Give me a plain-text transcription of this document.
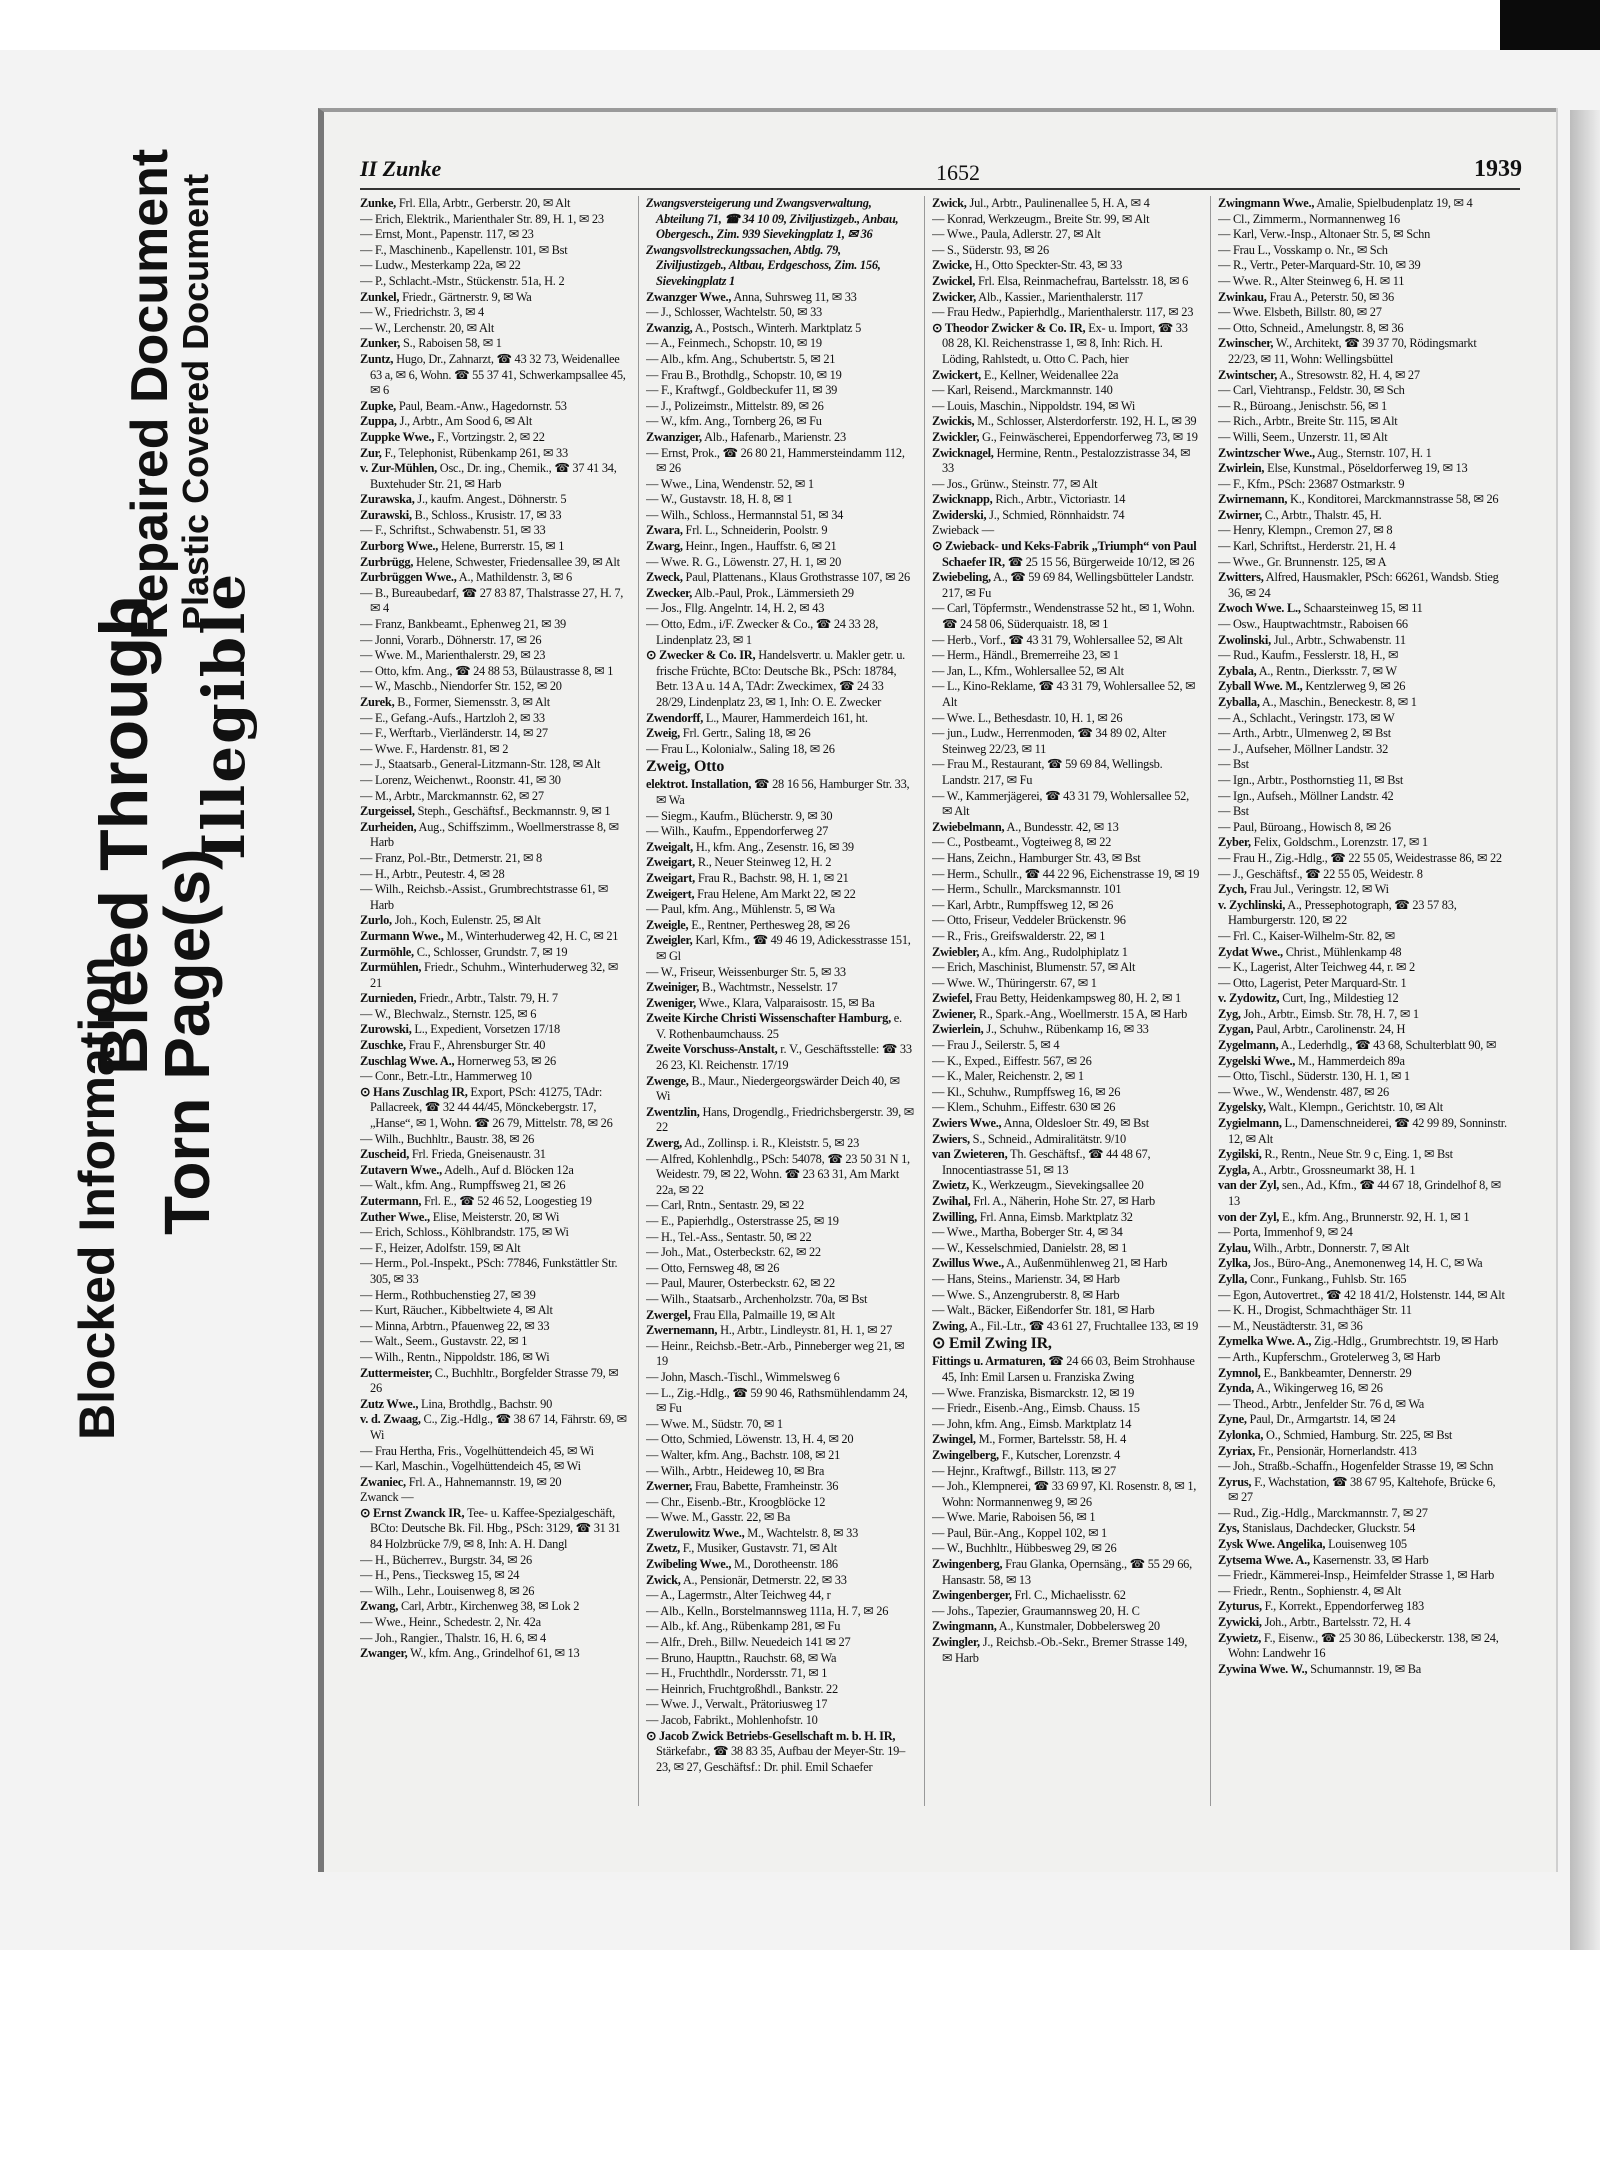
Blocked Information
Bleed Through
Repaired Document
Torn Page(s)
Illegible
Plastic Covered Document
II Zunke	1652	1939

Zunke, Frl. Ella, Arbtr., Gerberstr. 20, ✉ Alt

— Erich, Elektrik., Marienthaler Str. 89, H. 1, ✉ 23

— Ernst, Mont., Papenstr. 117, ✉ 23

— F., Maschinenb., Kapellenstr. 101, ✉ Bst

— Ludw., Mesterkamp 22a, ✉ 22

— P., Schlacht.-Mstr., Stückenstr. 51a, H. 2

Zunkel, Friedr., Gärtnerstr. 9, ✉ Wa

— W., Friedrichstr. 3, ✉ 4

— W., Lerchenstr. 20, ✉ Alt

Zunker, S., Raboisen 58, ✉ 1

Zuntz, Hugo, Dr., Zahnarzt, ☎ 43 32 73, Weidenallee 63 a, ✉ 6, Wohn. ☎ 55 37 41, Schwerkampsallee 45, ✉ 6

Zupke, Paul, Beam.-Anw., Hagedornstr. 53

Zuppa, J., Arbtr., Am Sood 6, ✉ Alt

Zuppke Wwe., F., Vortzingstr. 2, ✉ 22

Zur, F., Telephonist, Rübenkamp 261, ✉ 33

v. Zur-Mühlen, Osc., Dr. ing., Chemik., ☎ 37 41 34, Buxtehuder Str. 21, ✉ Harb

Zurawska, J., kaufm. Angest., Döhnerstr. 5

Zurawski, B., Schloss., Krusistr. 17, ✉ 33

— F., Schriftst., Schwabenstr. 51, ✉ 33

Zurborg Wwe., Helene, Burrerstr. 15, ✉ 1

Zurbrügg, Helene, Schwester, Friedensallee 39, ✉ Alt

Zurbrüggen Wwe., A., Mathildenstr. 3, ✉ 6

— B., Bureaubedarf, ☎ 27 83 87, Thalstrasse 27, H. 7, ✉ 4

— Franz, Bankbeamt., Ephenweg 21, ✉ 39

— Jonni, Vorarb., Döhnerstr. 17, ✉ 26

— Wwe. M., Marienthalerstr. 29, ✉ 23

— Otto, kfm. Ang., ☎ 24 88 53, Bülaustrasse 8, ✉ 1

— W., Maschb., Niendorfer Str. 152, ✉ 20

Zurek, B., Former, Siemensstr. 3, ✉ Alt

— E., Gefang.-Aufs., Hartzloh 2, ✉ 33

— F., Werftarb., Vierländerstr. 14, ✉ 27

— Wwe. F., Hardenstr. 81, ✉ 2

— J., Staatsarb., General-Litzmann-Str. 128, ✉ Alt

— Lorenz, Weichenwt., Roonstr. 41, ✉ 30

— M., Arbtr., Marckmannstr. 62, ✉ 27

Zurgeissel, Steph., Geschäftsf., Beckmannstr. 9, ✉ 1

Zurheiden, Aug., Schiffszimm., Woellmerstrasse 8, ✉ Harb

— Franz, Pol.-Btr., Detmerstr. 21, ✉ 8

— H., Arbtr., Peutestr. 4, ✉ 28

— Wilh., Reichsb.-Assist., Grumbrechtstrasse 61, ✉ Harb

Zurlo, Joh., Koch, Eulenstr. 25, ✉ Alt

Zurmann Wwe., M., Winterhuderweg 42, H. C, ✉ 21

Zurmöhle, C., Schlosser, Grundstr. 7, ✉ 19

Zurmühlen, Friedr., Schuhm., Winterhuderweg 32, ✉ 21

Zurnieden, Friedr., Arbtr., Talstr. 79, H. 7

— W., Blechwalz., Sternstr. 125, ✉ 6

Zurowski, L., Expedient, Vorsetzen 17/18

Zuschke, Frau F., Ahrensburger Str. 40

Zuschlag Wwe. A., Hornerweg 53, ✉ 26

— Conr., Betr.-Ltr., Hammerweg 10

⊙ Hans Zuschlag IR, Export, PSch: 41275, TAdr: Pallacreek, ☎ 32 44 44/45, Mönckebergstr. 17, „Hanse“, ✉ 1, Wohn. ☎ 26 79, Mittelstr. 78, ✉ 26

— Wilh., Buchhltr., Baustr. 38, ✉ 26

Zuscheid, Frl. Frieda, Gneisenaustr. 31

Zutavern Wwe., Adelh., Auf d. Blöcken 12a

— Walt., kfm. Ang., Rumpffsweg 21, ✉ 26

Zutermann, Frl. E., ☎ 52 46 52, Loogestieg 19

Zuther Wwe., Elise, Meisterstr. 20, ✉ Wi

— Erich, Schloss., Köhlbrandstr. 175, ✉ Wi

— F., Heizer, Adolfstr. 159, ✉ Alt

— Herm., Pol.-Inspekt., PSch: 77846, Funkstättler Str. 305, ✉ 33

— Herm., Rothbuchenstieg 27, ✉ 39

— Kurt, Räucher., Kibbeltwiete 4, ✉ Alt

— Minna, Arbtrn., Pfauenweg 22, ✉ 33

— Walt., Seem., Gustavstr. 22, ✉ 1

— Wilh., Rentn., Nippoldstr. 186, ✉ Wi

Zuttermeister, C., Buchhltr., Borgfelder Strasse 79, ✉ 26

Zutz Wwe., Lina, Brothdlg., Bachstr. 90

v. d. Zwaag, C., Zig.-Hdlg., ☎ 38 67 14, Fährstr. 69, ✉ Wi

— Frau Hertha, Fris., Vogelhüttendeich 45, ✉ Wi

— Karl, Maschin., Vogelhüttendeich 45, ✉ Wi

Zwaniec, Frl. A., Hahnemannstr. 19, ✉ 20

Zwanck —

⊙ Ernst Zwanck IR, Tee- u. Kaffee-Spezialgeschäft, BCto: Deutsche Bk. Fil. Hbg., PSch: 3129, ☎ 31 31 84 Holzbrücke 7/9, ✉ 8, Inh: A. H. Dangl

— H., Bücherrev., Burgstr. 34, ✉ 26

— H., Pens., Tiecksweg 15, ✉ 24

— Wilh., Lehr., Louisenweg 8, ✉ 26

Zwang, Carl, Arbtr., Kirchenweg 38, ✉ Lok 2

— Wwe., Heinr., Schedestr. 2, Nr. 42a

— Joh., Rangier., Thalstr. 16, H. 6, ✉ 4

Zwanger, W., kfm. Ang., Grindelhof 61, ✉ 13

Zwangsversteigerung und Zwangsverwaltung, Abteilung 71, ☎ 34 10 09, Ziviljustizgeb., Anbau, Obergesch., Zim. 939 Sievekingplatz 1, ✉ 36

Zwangsvollstreckungssachen, Abtlg. 79, Ziviljustizgeb., Altbau, Erdgeschoss, Zim. 156, Sievekingplatz 1

Zwanzger Wwe., Anna, Suhrsweg 11, ✉ 33

— J., Schlosser, Wachtelstr. 50, ✉ 33

Zwanzig, A., Postsch., Winterh. Marktplatz 5

— A., Feinmech., Schopstr. 10, ✉ 19

— Alb., kfm. Ang., Schubertstr. 5, ✉ 21

— Frau B., Brothdlg., Schopstr. 10, ✉ 19

— F., Kraftwgf., Goldbeckufer 11, ✉ 39

— J., Polizeimstr., Mittelstr. 89, ✉ 26

— W., kfm. Ang., Tornberg 26, ✉ Fu

Zwanziger, Alb., Hafenarb., Marienstr. 23

— Ernst, Prok., ☎ 26 80 21, Hammersteindamm 112, ✉ 26

— Wwe., Lina, Wendenstr. 52, ✉ 1

— W., Gustavstr. 18, H. 8, ✉ 1

— Wilh., Schloss., Hermannstal 51, ✉ 34

Zwara, Frl. L., Schneiderin, Poolstr. 9

Zwarg, Heinr., Ingen., Hauffstr. 6, ✉ 21

— Wwe. R. G., Löwenstr. 27, H. 1, ✉ 20

Zweck, Paul, Plattenans., Klaus Grothstrasse 107, ✉ 26

Zwecker, Alb.-Paul, Prok., Lämmersieth 29

— Jos., Fllg. Angelntr. 14, H. 2, ✉ 43

— Otto, Edm., i/F. Zwecker & Co., ☎ 24 33 28, Lindenplatz 23, ✉ 1

⊙ Zwecker & Co. IR, Handelsvertr. u. Makler getr. u. frische Früchte, BCto: Deutsche Bk., PSch: 18784, Betr. 13 A u. 14 A, TAdr: Zweckimex, ☎ 24 33 28/29, Lindenplatz 23, ✉ 1, Inh: O. E. Zwecker

Zwendorff, L., Maurer, Hammerdeich 161, ht.

Zweig, Frl. Gertr., Saling 18, ✉ 26

— Frau L., Kolonialw., Saling 18, ✉ 26

Zweig, Otto

elektrot. Installation, ☎ 28 16 56, Hamburger Str. 33, ✉ Wa

— Siegm., Kaufm., Blücherstr. 9, ✉ 30

— Wilh., Kaufm., Eppendorferweg 27

Zweigalt, H., kfm. Ang., Zesenstr. 16, ✉ 39

Zweigart, R., Neuer Steinweg 12, H. 2

Zweigart, Frau R., Bachstr. 98, H. 1, ✉ 21

Zweigert, Frau Helene, Am Markt 22, ✉ 22

— Paul, kfm. Ang., Mühlenstr. 5, ✉ Wa

Zweigle, E., Rentner, Perthesweg 28, ✉ 26

Zweigler, Karl, Kfm., ☎ 49 46 19, Adickesstrasse 151, ✉ Gl

— W., Friseur, Weissenburger Str. 5, ✉ 33

Zweiniger, B., Wachtmstr., Nesselstr. 17

Zweniger, Wwe., Klara, Valparaisostr. 15, ✉ Ba

Zweite Kirche Christi Wissenschafter Hamburg, e. V. Rothenbaumchauss. 25

Zweite Vorschuss-Anstalt, r. V., Geschäftsstelle: ☎ 33 26 23, Kl. Reichenstr. 17/19

Zwenge, B., Maur., Niedergeorgswärder Deich 40, ✉ Wi

Zwentzlin, Hans, Drogendlg., Friedrichsbergerstr. 39, ✉ 22

Zwerg, Ad., Zollinsp. i. R., Kleiststr. 5, ✉ 23

— Alfred, Kohlenhdlg., PSch: 54078, ☎ 23 50 31 N 1, Weidestr. 79, ✉ 22, Wohn. ☎ 23 63 31, Am Markt 22a, ✉ 22

— Carl, Rntn., Sentastr. 29, ✉ 22

— E., Papierhdlg., Osterstrasse 25, ✉ 19

— H., Tel.-Ass., Sentastr. 50, ✉ 22

— Joh., Mat., Osterbeckstr. 62, ✉ 22

— Otto, Fernsweg 48, ✉ 26

— Paul, Maurer, Osterbeckstr. 62, ✉ 22

— Wilh., Staatsarb., Archenholzstr. 70a, ✉ Bst

Zwergel, Frau Ella, Palmaille 19, ✉ Alt

Zwernemann, H., Arbtr., Lindleystr. 81, H. 1, ✉ 27

— Heinr., Reichsb.-Betr.-Arb., Pinneberger weg 21, ✉ 19

— John, Masch.-Tischl., Wimmelsweg 6

— L., Zig.-Hdlg., ☎ 59 90 46, Rathsmühlendamm 24, ✉ Fu

— Wwe. M., Südstr. 70, ✉ 1

— Otto, Schmied, Löwenstr. 13, H. 4, ✉ 20

— Walter, kfm. Ang., Bachstr. 108, ✉ 21

— Wilh., Arbtr., Heideweg 10, ✉ Bra

Zwerner, Frau, Babette, Framheinstr. 36

— Chr., Eisenb.-Btr., Kroogblöcke 12

— Wwe. M., Gasstr. 22, ✉ Ba

Zwerulowitz Wwe., M., Wachtelstr. 8, ✉ 33

Zwetz, F., Musiker, Gustavstr. 71, ✉ Alt

Zwibeling Wwe., M., Dorotheenstr. 186

Zwick, A., Pensionär, Detmerstr. 22, ✉ 33

— A., Lagermstr., Alter Teichweg 44, r

— Alb., Kelln., Borstelmannsweg 111a, H. 7, ✉ 26

— Alb., kf. Ang., Rübenkamp 281, ✉ Fu

— Alfr., Dreh., Billw. Neuedeich 141 ✉ 27

— Bruno, Haupttn., Rauchstr. 68, ✉ Wa

— H., Fruchthdlr., Nordersstr. 71, ✉ 1

— Heinrich, Fruchtgroßhdl., Bankstr. 22

— Wwe. J., Verwalt., Prätoriusweg 17

— Jacob, Fabrikt., Mohlenhofstr. 10

⊙ Jacob Zwick Betriebs-Gesellschaft m. b. H. IR, Stärkefabr., ☎ 38 83 35, Aufbau der Meyer-Str. 19–23, ✉ 27, Geschäftsf.: Dr. phil. Emil Schaefer

Zwick, Jul., Arbtr., Paulinenallee 5, H. A, ✉ 4

— Konrad, Werkzeugm., Breite Str. 99, ✉ Alt

— Wwe., Paula, Adlerstr. 27, ✉ Alt

— S., Süderstr. 93, ✉ 26

Zwicke, H., Otto Speckter-Str. 43, ✉ 33

Zwickel, Frl. Elsa, Reinmachefrau, Bartelsstr. 18, ✉ 6

Zwicker, Alb., Kassier., Marienthalerstr. 117

— Frau Hedw., Papierhdlg., Marienthalerstr. 117, ✉ 23

⊙ Theodor Zwicker & Co. IR, Ex- u. Import, ☎ 33 08 28, Kl. Reichenstrasse 1, ✉ 8, Inh: Rich. H. Löding, Rahlstedt, u. Otto C. Pach, hier

Zwickert, E., Kellner, Weidenallee 22a

— Karl, Reisend., Marckmannstr. 140

— Louis, Maschin., Nippoldstr. 194, ✉ Wi

Zwickis, M., Schlosser, Alsterdorferstr. 192, H. L, ✉ 39

Zwickler, G., Feinwäscherei, Eppendorferweg 73, ✉ 19

Zwicknagel, Hermine, Rentn., Pestalozzistrasse 34, ✉ 33

— Jos., Grünw., Steinstr. 77, ✉ Alt

Zwicknapp, Rich., Arbtr., Victoriastr. 14

Zwiderski, J., Schmied, Rönnhaidstr. 74

Zwieback —

⊙ Zwieback- und Keks-Fabrik „Triumph“ von Paul Schaefer IR, ☎ 25 15 56, Bürgerweide 10/12, ✉ 26

Zwiebeling, A., ☎ 59 69 84, Wellingsbütteler Landstr. 217, ✉ Fu

— Carl, Töpfermstr., Wendenstrasse 52 ht., ✉ 1, Wohn. ☎ 24 58 06, Süderquaistr. 18, ✉ 1

— Herb., Vorf., ☎ 43 31 79, Wohlersallee 52, ✉ Alt

— Herm., Händl., Bremerreihe 23, ✉ 1

— Jan, L., Kfm., Wohlersallee 52, ✉ Alt

— L., Kino-Reklame, ☎ 43 31 79, Wohlersallee 52, ✉ Alt

— Wwe. L., Bethesdastr. 10, H. 1, ✉ 26

— jun., Ludw., Herrenmoden, ☎ 34 89 02, Alter Steinweg 22/23, ✉ 11

— Frau M., Restaurant, ☎ 59 69 84, Wellingsb. Landstr. 217, ✉ Fu

— W., Kammerjägerei, ☎ 43 31 79, Wohlersallee 52, ✉ Alt

Zwiebelmann, A., Bundesstr. 42, ✉ 13

— C., Postbeamt., Vogteiweg 8, ✉ 22

— Hans, Zeichn., Hamburger Str. 43, ✉ Bst

— Herm., Schullr., ☎ 44 22 96, Eichenstrasse 19, ✉ 19

— Herm., Schullr., Marcksmannstr. 101

— Karl, Arbtr., Rumpffsweg 12, ✉ 26

— Otto, Friseur, Veddeler Brückenstr. 96

— R., Fris., Greifswalderstr. 22, ✉ 1

Zwiebler, A., kfm. Ang., Rudolphiplatz 1

— Erich, Maschinist, Blumenstr. 57, ✉ Alt

— Wwe. W., Thüringerstr. 67, ✉ 1

Zwiefel, Frau Betty, Heidenkampsweg 80, H. 2, ✉ 1

Zwiener, R., Spark.-Ang., Woellmerstr. 15 A, ✉ Harb

Zwierlein, J., Schuhw., Rübenkamp 16, ✉ 33

— Frau J., Seilerstr. 5, ✉ 4

— K., Exped., Eiffestr. 567, ✉ 26

— K., Maler, Reichenstr. 2, ✉ 1

— Kl., Schuhw., Rumpffsweg 16, ✉ 26

— Klem., Schuhm., Eiffestr. 630 ✉ 26

Zwiers Wwe., Anna, Oldesloer Str. 49, ✉ Bst

Zwiers, S., Schneid., Admiralitätstr. 9/10

van Zwieteren, Th. Geschäftsf., ☎ 44 48 67, Innocentiastrasse 51, ✉ 13

Zwietz, K., Werkzeugm., Sievekingsallee 20

Zwihal, Frl. A., Näherin, Hohe Str. 27, ✉ Harb

Zwilling, Frl. Anna, Eimsb. Marktplatz 32

— Wwe., Martha, Boberger Str. 4, ✉ 34

— W., Kesselschmied, Danielstr. 28, ✉ 1

Zwillus Wwe., A., Außenmühlenweg 21, ✉ Harb

— Hans, Steins., Marienstr. 34, ✉ Harb

— Wwe. S., Anzengruberstr. 8, ✉ Harb

— Walt., Bäcker, Eißendorfer Str. 181, ✉ Harb

Zwing, A., Fil.-Ltr., ☎ 43 61 27, Fruchtallee 133, ✉ 19

⊙ Emil Zwing IR,

Fittings u. Armaturen, ☎ 24 66 03, Beim Strohhause 45, Inh: Emil Larsen u. Franziska Zwing

— Wwe. Franziska, Bismarckstr. 12, ✉ 19

— Friedr., Eisenb.-Ang., Eimsb. Chauss. 15

— John, kfm. Ang., Eimsb. Marktplatz 14

Zwingel, M., Former, Bartelsstr. 58, H. 4

Zwingelberg, F., Kutscher, Lorenzstr. 4

— Hejnr., Kraftwgf., Billstr. 113, ✉ 27

— Joh., Klempnerei, ☎ 33 69 97, Kl. Rosenstr. 8, ✉ 1, Wohn: Normannenweg 9, ✉ 26

— Wwe. Marie, Raboisen 56, ✉ 1

— Paul, Bür.-Ang., Koppel 102, ✉ 1

— W., Buchhltr., Hübbesweg 29, ✉ 26

Zwingenberg, Frau Glanka, Opernsäng., ☎ 55 29 66, Hansastr. 58, ✉ 13

Zwingenberger, Frl. C., Michaelisstr. 62

— Johs., Tapezier, Graumannsweg 20, H. C

Zwingmann, A., Kunstmaler, Dobbelersweg 20

Zwingler, J., Reichsb.-Ob.-Sekr., Bremer Strasse 149, ✉ Harb

Zwingmann Wwe., Amalie, Spielbudenplatz 19, ✉ 4

— Cl., Zimmerm., Normannenweg 16

— Karl, Verw.-Insp., Altonaer Str. 5, ✉ Schn

— Frau L., Vosskamp o. Nr., ✉ Sch

— R., Vertr., Peter-Marquard-Str. 10, ✉ 39

— Wwe. R., Alter Steinweg 6, H. ✉ 11

Zwinkau, Frau A., Peterstr. 50, ✉ 36

— Wwe. Elsbeth, Billstr. 80, ✉ 27

— Otto, Schneid., Amelungstr. 8, ✉ 36

Zwinscher, W., Architekt, ☎ 39 37 70, Rödingsmarkt 22/23, ✉ 11, Wohn: Wellingsbüttel

Zwintscher, A., Stresowstr. 82, H. 4, ✉ 27

— Carl, Viehtransp., Feldstr. 30, ✉ Sch

— R., Büroang., Jenischstr. 56, ✉ 1

— Rich., Arbtr., Breite Str. 115, ✉ Alt

— Willi, Seem., Unzerstr. 11, ✉ Alt

Zwintzscher Wwe., Aug., Sternstr. 107, H. 1

Zwirlein, Else, Kunstmal., Pöseldorferweg 19, ✉ 13

— F., Kfm., PSch: 23687 Ostmarkstr. 9

Zwirnemann, K., Konditorei, Marckmannstrasse 58, ✉ 26

Zwirner, C., Arbtr., Thalstr. 45, H.

— Henry, Klempn., Cremon 27, ✉ 8

— Karl, Schriftst., Herderstr. 21, H. 4

— Wwe., Gr. Brunnenstr. 125, ✉ A

Zwitters, Alfred, Hausmakler, PSch: 66261, Wandsb. Stieg 36, ✉ 24

Zwoch Wwe. L., Schaarsteinweg 15, ✉ 11

— Osw., Hauptwachtmstr., Raboisen 66

Zwolinski, Jul., Arbtr., Schwabenstr. 11

— Rud., Kaufm., Fesslerstr. 18, H., ✉

Zybala, A., Rentn., Dierksstr. 7, ✉ W

Zyball Wwe. M., Kentzlerweg 9, ✉ 26

Zyballa, A., Maschin., Beneckestr. 8, ✉ 1

— A., Schlacht., Veringstr. 173, ✉ W

— Arth., Arbtr., Ulmenweg 2, ✉ Bst

— J., Aufseher, Möllner Landstr. 32

— Bst

— Ign., Arbtr., Posthornstieg 11, ✉ Bst

— Ign., Aufseh., Möllner Landstr. 42

— Bst

— Paul, Büroang., Howisch 8, ✉ 26

Zyber, Felix, Goldschm., Lorenzstr. 17, ✉ 1

— Frau H., Zig.-Hdlg., ☎ 22 55 05, Weidestrasse 86, ✉ 22

— J., Geschäftsf., ☎ 22 55 05, Weidestr. 8

Zych, Frau Jul., Veringstr. 12, ✉ Wi

v. Zychlinski, A., Pressephotograph, ☎ 23 57 83, Hamburgerstr. 120, ✉ 22

— Frl. C., Kaiser-Wilhelm-Str. 82, ✉

Zydat Wwe., Christ., Mühlenkamp 48

— K., Lagerist, Alter Teichweg 44, r. ✉ 2

— Otto, Lagerist, Peter Marquard-Str. 1

v. Zydowitz, Curt, Ing., Mildestieg 12

Zyg, Joh., Arbtr., Eimsb. Str. 78, H. 7, ✉ 1

Zygan, Paul, Arbtr., Carolinenstr. 24, H

Zygelmann, A., Lederhdlg., ☎ 43 68, Schulterblatt 90, ✉

Zygelski Wwe., M., Hammerdeich 89a

— Otto, Tischl., Süderstr. 130, H. 1, ✉ 1

— Wwe., W., Wendenstr. 487, ✉ 26

Zygelsky, Walt., Klempn., Gerichtstr. 10, ✉ Alt

Zygielmann, L., Damenschneiderei, ☎ 42 99 89, Sonninstr. 12, ✉ Alt

Zygilski, R., Rentn., Neue Str. 9 c, Eing. 1, ✉ Bst

Zygla, A., Arbtr., Grossneumarkt 38, H. 1

van der Zyl, sen., Ad., Kfm., ☎ 44 67 18, Grindelhof 8, ✉ 13

von der Zyl, E., kfm. Ang., Brunnerstr. 92, H. 1, ✉ 1

— Porta, Immenhof 9, ✉ 24

Zylau, Wilh., Arbtr., Donnerstr. 7, ✉ Alt

Zylka, Jos., Büro-Ang., Anemonenweg 14, H. C, ✉ Wa

Zylla, Conr., Funkang., Fuhlsb. Str. 165

— Egon, Autovertret., ☎ 42 18 41/2, Holstenstr. 144, ✉ Alt

— K. H., Drogist, Schmachthäger Str. 11

— M., Neustädterstr. 31, ✉ 36

Zymelka Wwe. A., Zig.-Hdlg., Grumbrechtstr. 19, ✉ Harb

— Arth., Kupferschm., Grotelerweg 3, ✉ Harb

Zymnol, E., Bankbeamter, Dennerstr. 29

Zynda, A., Wikingerweg 16, ✉ 26

— Theod., Arbtr., Jenfelder Str. 76 d, ✉ Wa

Zyne, Paul, Dr., Armgartstr. 14, ✉ 24

Zylonka, O., Schmied, Hamburg. Str. 225, ✉ Bst

Zyriax, Fr., Pensionär, Hornerlandstr. 413

— Joh., Straßb.-Schaffn., Hogenfelder Strasse 19, ✉ Schn

Zyrus, F., Wachstation, ☎ 38 67 95, Kaltehofe, Brücke 6, ✉ 27

— Rud., Zig.-Hdlg., Marckmannstr. 7, ✉ 27

Zys, Stanislaus, Dachdecker, Gluckstr. 54

Zysk Wwe. Angelika, Louisenweg 105

Zytsema Wwe. A., Kasernenstr. 33, ✉ Harb

— Friedr., Kämmerei-Insp., Heimfelder Strasse 1, ✉ Harb

— Friedr., Rentn., Sophienstr. 4, ✉ Alt

Zyturus, F., Korrekt., Eppendorferweg 183

Zywicki, Joh., Arbtr., Bartelsstr. 72, H. 4

Zywietz, F., Eisenw., ☎ 25 30 86, Lübeckerstr. 138, ✉ 24, Wohn: Landwehr 16

Zywina Wwe. W., Schumannstr. 19, ✉ Ba
